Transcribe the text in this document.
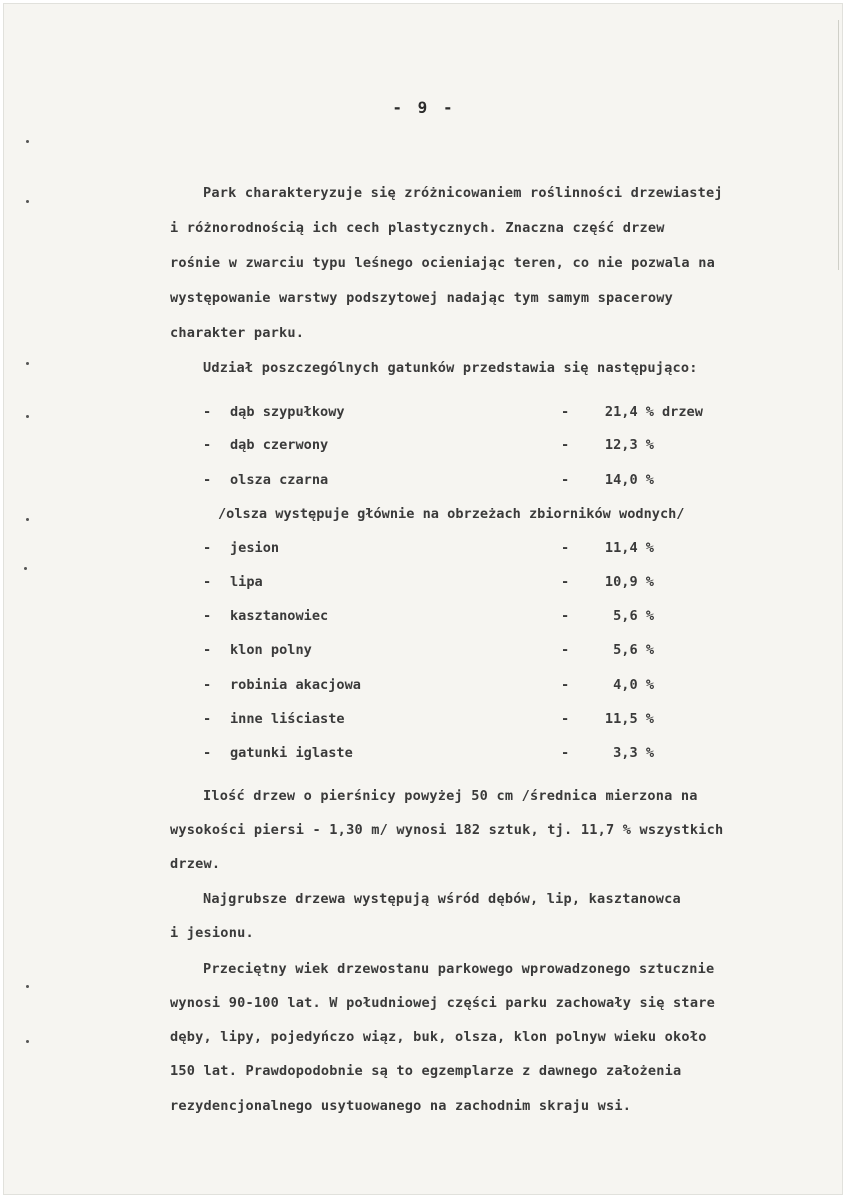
- 9 -
Park charakteryzuje się zróżnicowaniem roślinności drzewiastej
i różnorodnością ich cech plastycznych. Znaczna część drzew
rośnie w zwarciu typu leśnego ocieniając teren, co nie pozwala na
występowanie warstwy podszytowej nadając tym samym spacerowy
charakter parku.
Udział poszczególnych gatunków przedstawia się następująco:
- dąb szypułkowy	-	21,4 % drzew
- dąb czerwony	-	12,3 %
- olsza czarna	-	14,0 %
/olsza występuje głównie na obrzeżach zbiorników wodnych/
- jesion	-	11,4 %
- lipa	-	10,9 %
- kasztanowiec	-	5,6 %
- klon polny	-	5,6 %
- robinia akacjowa	-	4,0 %
- inne liściaste	-	11,5 %
- gatunki iglaste	-	3,3 %
Ilość drzew o pierśnicy powyżej 50 cm /średnica mierzona na
wysokości piersi - 1,30 m/ wynosi 182 sztuk, tj. 11,7 % wszystkich
drzew.
Najgrubsze drzewa występują wśród dębów, lip, kasztanowca
i jesionu.
Przeciętny wiek drzewostanu parkowego wprowadzonego sztucznie
wynosi 90-100 lat. W południowej części parku zachowały się stare
dęby, lipy, pojedyńczo wiąz, buk, olsza, klon polnyw wieku około
150 lat. Prawdopodobnie są to egzemplarze z dawnego założenia
rezydencjonalnego usytuowanego na zachodnim skraju wsi.
